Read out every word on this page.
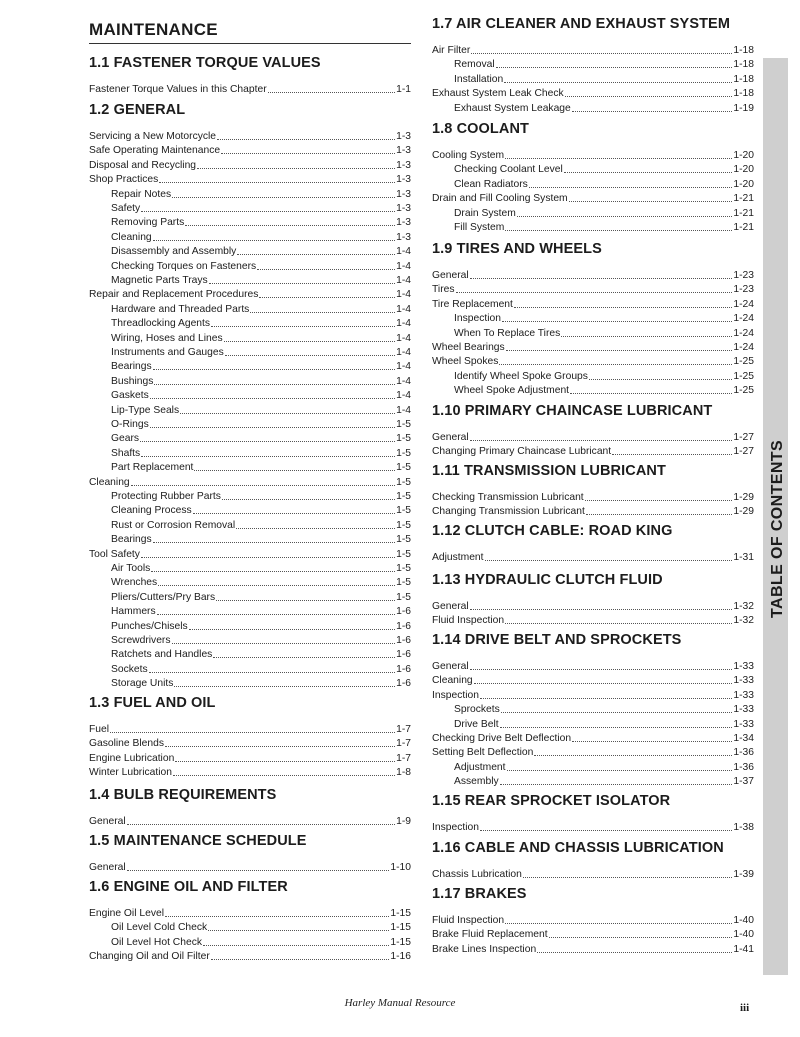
MAINTENANCE
1.1 FASTENER TORQUE VALUES
Fastener Torque Values in this Chapter	1-1
1.2 GENERAL
Servicing a New Motorcycle	1-3
Safe Operating Maintenance	1-3
Disposal and Recycling	1-3
Shop Practices	1-3
Repair Notes	1-3
Safety	1-3
Removing Parts	1-3
Cleaning	1-3
Disassembly and Assembly	1-4
Checking Torques on Fasteners	1-4
Magnetic Parts Trays	1-4
Repair and Replacement Procedures	1-4
Hardware and Threaded Parts	1-4
Threadlocking Agents	1-4
Wiring, Hoses and Lines	1-4
Instruments and Gauges	1-4
Bearings	1-4
Bushings	1-4
Gaskets	1-4
Lip-Type Seals	1-4
O-Rings	1-5
Gears	1-5
Shafts	1-5
Part Replacement	1-5
Cleaning	1-5
Protecting Rubber Parts	1-5
Cleaning Process	1-5
Rust or Corrosion Removal	1-5
Bearings	1-5
Tool Safety	1-5
Air Tools	1-5
Wrenches	1-5
Pliers/Cutters/Pry Bars	1-5
Hammers	1-6
Punches/Chisels	1-6
Screwdrivers	1-6
Ratchets and Handles	1-6
Sockets	1-6
Storage Units	1-6
1.3 FUEL AND OIL
Fuel	1-7
Gasoline Blends	1-7
Engine Lubrication	1-7
Winter Lubrication	1-8
1.4 BULB REQUIREMENTS
General	1-9
1.5 MAINTENANCE SCHEDULE
General	1-10
1.6 ENGINE OIL AND FILTER
Engine Oil Level	1-15
Oil Level Cold Check	1-15
Oil Level Hot Check	1-15
Changing Oil and Oil Filter	1-16
1.7 AIR CLEANER AND EXHAUST SYSTEM
Air Filter	1-18
Removal	1-18
Installation	1-18
Exhaust System Leak Check	1-18
Exhaust System Leakage	1-19
1.8 COOLANT
Cooling System	1-20
Checking Coolant Level	1-20
Clean Radiators	1-20
Drain and Fill Cooling System	1-21
Drain System	1-21
Fill System	1-21
1.9 TIRES AND WHEELS
General	1-23
Tires	1-23
Tire Replacement	1-24
Inspection	1-24
When To Replace Tires	1-24
Wheel Bearings	1-24
Wheel Spokes	1-25
Identify Wheel Spoke Groups	1-25
Wheel Spoke Adjustment	1-25
1.10 PRIMARY CHAINCASE LUBRICANT
General	1-27
Changing Primary Chaincase Lubricant	1-27
1.11 TRANSMISSION LUBRICANT
Checking Transmission Lubricant	1-29
Changing Transmission Lubricant	1-29
1.12 CLUTCH CABLE: ROAD KING
Adjustment	1-31
1.13 HYDRAULIC CLUTCH FLUID
General	1-32
Fluid Inspection	1-32
1.14 DRIVE BELT AND SPROCKETS
General	1-33
Cleaning	1-33
Inspection	1-33
Sprockets	1-33
Drive Belt	1-33
Checking Drive Belt Deflection	1-34
Setting Belt Deflection	1-36
Adjustment	1-36
Assembly	1-37
1.15 REAR SPROCKET ISOLATOR
Inspection	1-38
1.16 CABLE AND CHASSIS LUBRICATION
Chassis Lubrication	1-39
1.17 BRAKES
Fluid Inspection	1-40
Brake Fluid Replacement	1-40
Brake Lines Inspection	1-41
TABLE OF CONTENTS
Harley Manual Resource	iii
